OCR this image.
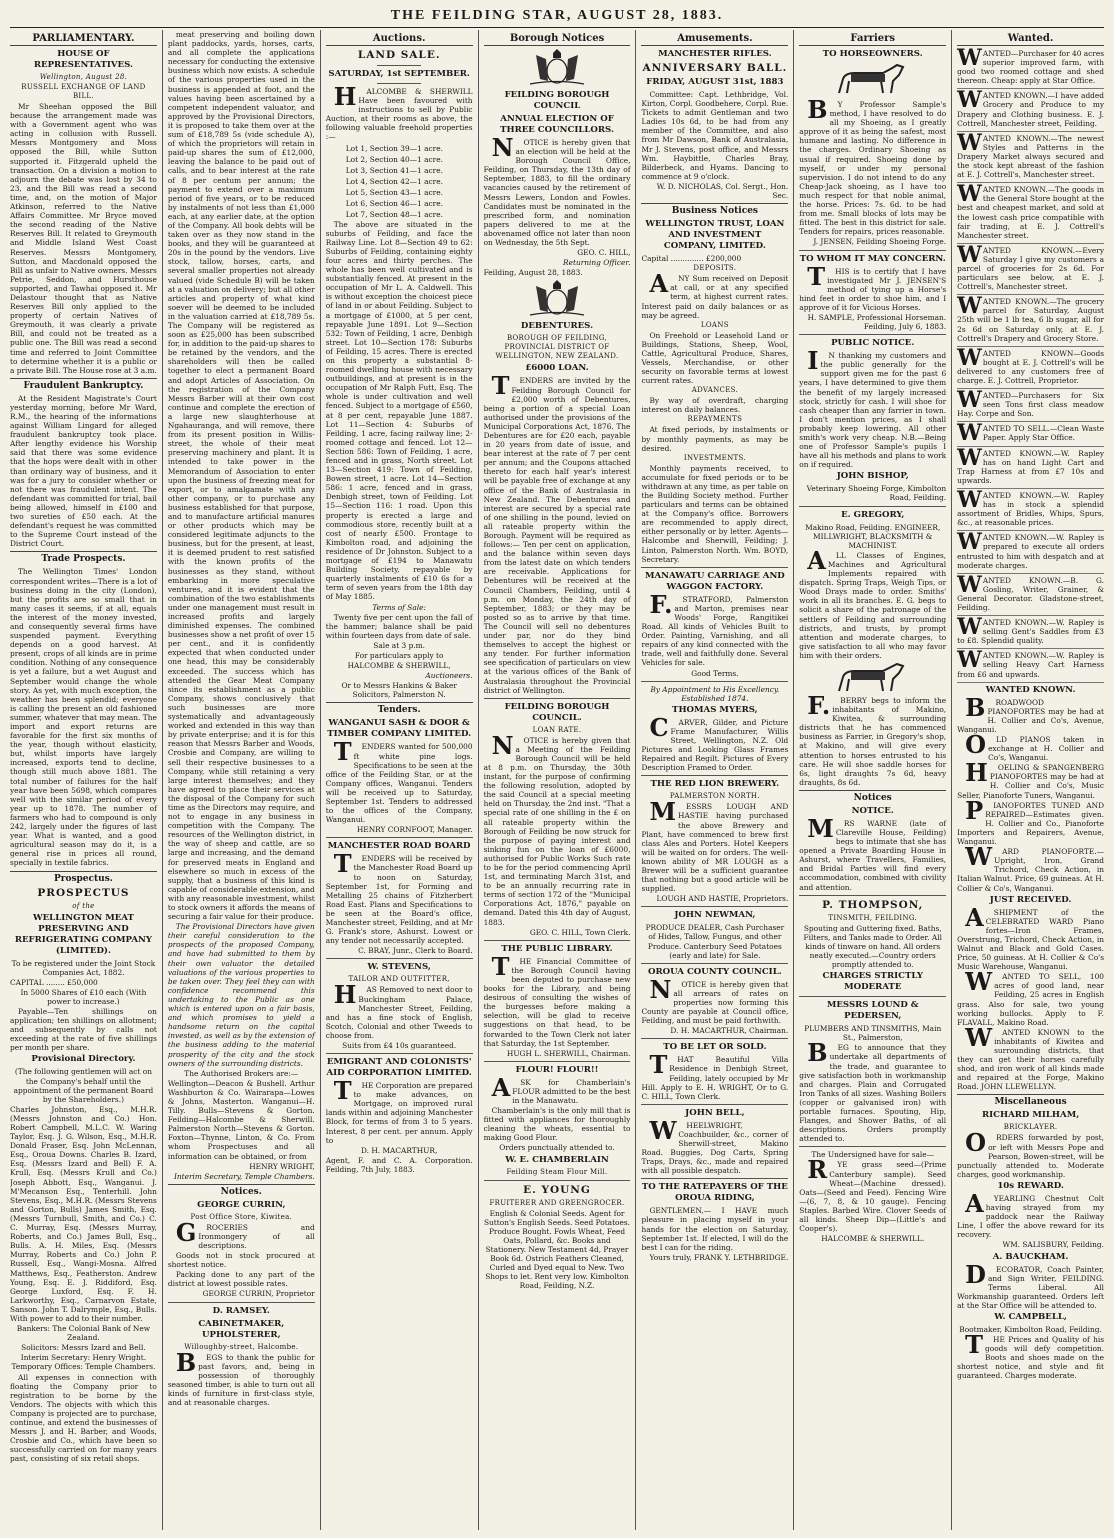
THE FEILDING STAR, AUGUST 28, 1883.
PARLIAMENTARY.
HOUSE OF REPRESENTATIVES.
Wellington, August 28.
RUSSELL EXCHANGE OF LAND BILL.

Mr Sheehan opposed the Bill because the arrangement made was with a Government agent who was acting in collusion with Russell. Messrs Montgomery and Moss opposed the Bill, while Sutton supported it. Fitzgerald upheld the transaction. On a division a motion to adjourn the debate was lost by 34 to 23, and the Bill was read a second time, and, on the motion of Major Atkinson, referred to the Native Affairs Committee. Mr Bryce moved the second reading of the Native Reserves Bill. It related to Greymouth and Middle Island West Coast Reserves. Messrs Montgomery, Sutton, and Macdonald opposed the Bill as unfair to Native owners. Messrs Petrie, Seddon, and Hursthouse supported, and Tawhai opposed it. Mr Delastour thought that as Native Reserves Bill only applied to the property of certain Natives of Greymouth, it was clearly a private Bill, and could not be treated as a public one. The Bill was read a second time and referred to Joint Committee to determine whether it is a public or a private Bill. The House rose at 3 a.m.

Fraudulent Bankruptcy.

At the Resident Magistrate's Court yesterday morning, before Mr Ward, R.M., the hearing of the informations against William Lingard for alleged fraudulent bankruptcy took place. After lengthy evidence his Worship said that there was some evidence that the hops were dealt with in other than ordinary way of business, and it was for a jury to consider whether or not there was fraudulent intent. The defendant was committed for trial, bail being allowed, himself in £100 and two sureties of £50 each. At the defendant's request he was committed to the Supreme Court instead of the District Court.

Trade Prospects.

The Wellington Times' London correspondent writes—There is a lot of business doing in the city (London), but the profits are so small that in many cases it seems, if at all, equals the interest of the money invested, and consequently several firms have suspended payment. Everything depends on a good harvest. At present, crops of all kinds are in prime condition. Nothing of any consequence is yet a failure, but a wet August and September would change the whole story. As yet, with much exception, the weather has been splendid; everyone is calling the present an old fashioned summer, whatever that may mean. The import and export returns are favorable for the first six months of the year, though without elasticity, but, whilst imports have largely increased, exports tend to decline, though still much above 1881. The total number of failures for the half year have been 5698, which compares well with the similar period of every year up to 1878. The number of farmers who had to compound is only 242, largely under the figures of last year. What is wanted, and a good agricultural season may do it, is a general rise in prices all round, specially in textile fabrics.

Prospectus.
PROSPECTUS
of the
WELLINGTON MEAT PRESERVING AND REFRIGERATING COMPANY (LIMITED).

To be registered under the Joint Stock Companies Act, 1882.

CAPITAL ........ £50,000

In 5000 Shares of £10 each (With power to increase.)

Payable—Ten shillings on application; ten shillings on allotment; and subsequently by calls not exceeding at the rate of five shillings per month per share.

Provisional Directory.

(The following gentlemen will act on the Company's behalf until the appointment of the permanent Board by the Shareholders.)

Charles Johnston, Esq., M.H.R. (Messrs Johnston and Co.) Hon. Robert Campbell, M.L.C. W. Waring Taylor, Esq. J. G. Wilson, Esq., M.H.R. Donald Fraser, Esq. John McLennan, Esq., Oroua Downs. Charles B. Izard, Esq. (Messrs Izard and Bell) F. A. Krull, Esq. (Messrs Krull and Co.) Joseph Abbott, Esq., Wanganui. J. M'Mecanson Esq., Tenterhill. John Stevens, Esq., M.H.R. (Messrs Stevens and Gorton, Bulls) James Smith, Esq. (Messrs Turnbull, Smith, and Co.) C. C. Murray, Esq. (Messrs Murray, Roberts, and Co.) James Bull, Esq., Bulls. A. H. Miles, Esq. (Messrs Murray, Roberts and Co.) John P. Russell, Esq., Wangi-Mosna. Alfred Matthews, Esq., Featherston. Andrew Young, Esq. E. J. Riddiford, Esq. George Luxford, Esq. F. H. Larkworthy, Esq., Carnarvon Estate, Sanson. John T. Dalrymple, Esq., Bulls. With power to add to their number.

Bankers: The Colonial Bank of New Zealand.

Solicitors: Messrs Izard and Bell.

Interim Secretary: Henry Wright. Temporary Offices: Temple Chambers.

All expenses in connection with floating the Company prior to registration to be borne by the Vendors. The objects with which this Company is projected are to purchase, continue, and extend the businesses of Messrs J. and H. Barber, and Woods, Crosbie and Co., which have been so successfully carried on for many years past, consisting of six retail shops.

meat preserving and boiling down plant paddocks, yards, horses, carts, and all complete the applications necessary for conducting the extensive business which now exists. A schedule of the various properties used in the business is appended at foot, and the values having been ascertained by a competent independent valuator, and approved by the Provisional Directors, it is proposed to take them over at the sum of £18,789 5s (vide schedule A), of which the proprietors will retain in paid-up shares the sum of £12,000, leaving the balance to be paid out of calls, and to bear interest at the rate of 8 per centum per annum; the payment to extend over a maximum period of five years, or to be reduced by instalments of not less than £1,000 each, at any earlier date, at the option of the Company. All book debts will be taken over as they now stand in the books, and they will be guaranteed at 20s in the pound by the vendors. Live stock, tallow, horses, carts, and several smaller properties not already valued (vide Schedule B) will be taken at a valuation on delivery; but all other articles and property of what kind soever will be deemed to be included in the valuation carried at £18,789 5s. The Company will be registered as soon as £25,000 has been subscribed for, in addition to the paid-up shares to be retained by the vendors, and the shareholders will then be called together to elect a permanent Board and adopt Articles of Association. On the registration of the Company Messrs Barber will at their own cost continue and complete the erection of a large new slaughterhouse at Ngahauranga, and will remove, there from its present position in Willis-street, the whole of their meat preserving machinery and plant. It is intended to take power in the Memorandum of Association to enter upon the business of freezing meat for export, or to amalgamate with any other company, or to purchase any business established for that purpose, and to manufacture artificial manures or other products which may be considered legitimate adjuncts to the business, but for the present, at least, it is deemed prudent to rest satisfied with the known profits of the businesses as they stand, without embarking in more speculative ventures, and it is evident that the combination of the two establishments under one management must result in increased profits and largely diminished expenses. The combined businesses show a net profit of over 15 per cent., and it is confidently expected that when conducted under one head, this may be considerably exceeded. The success which has attended the Gear Meat Company since its establishment as a public Company, shows conclusively that such businesses are more systematically and advantageously worked and extended in this way than by private enterprise; and it is for this reason that Messrs Barber and Woods, Crosbie and Company, are willing to sell their respective businesses to a Company, while still retaining a very large interest themselves; and they have agreed to place their services at the disposal of the Company for such time as the Directors may require, and not to engage in any business in competition with the Company. The resources of the Wellington district, in the way of sheep and cattle, are so large and increasing, and the demand for preserved meats in England and elsewhere so much in excess of the supply, that a business of this kind is capable of considerable extension, and with any reasonable investment, whilst to stock owners it affords the means of securing a fair value for their produce.

The Provisional Directors have given their careful consideration to the prospects of the proposed Company, and have had submitted to them by their own valuator the detailed valuations of the various properties to be taken over. They feel they can with confidence recommend this undertaking to the Public as one which is entered upon on a fair basis, and which promises to yield a handsome return on the capital invested, as well as by the extension of the business adding to the material prosperity of the city and the stock owners of the surrounding districts.

The Authorised Brokers are:—

Wellington—Deacon & Bushell. Arthur Washburton & Co. Wairarapa—Lowes & Johns, Masterton. Wanganui—H. Tilly. Bulls—Stevens & Gorton. Feilding—Halcombe & Sherwill. Palmerston North—Stevens & Gorton. Foxton—Thynne, Linton, & Co. From whom Prospectuses and all information can be obtained, or from

HENRY WRIGHT,

Interim Secretary, Temple Chambers.

Notices.
GEORGE CURRIN,
Post Office Store, Kiwitea.

GROCERIES and Ironmongery of all descriptions.

Goods not in stock procured at shortest notice.

Packing done to any part of the district at lowest possible rates.

GEORGE CURRIN, Proprietor

D. RAMSEY.
CABINETMAKER, UPHOLSTERER,
Willoughby-street, Halcombe.

BEGS to thank the public for past favors, and, being in possession of thoroughly seasoned timber, is able to turn out all kinds of furniture in first-class style, and at reasonable charges.

Auctions.
LAND SALE.
SATURDAY, 1st SEPTEMBER.

HALCOMBE & SHERWILL Have been favoured with instructions to sell by Public Auction, at their rooms as above, the following valuable freehold properties :—

Lot 1, Section 39—1 acre.
Lot 2, Section 40—1 acre.
Lot 3, Section 41—1 acre.
Lot 4, Section 42—1 acre.
Lot 5, Section 43—1 acre.
Lot 6, Section 46—1 acre.
Lot 7, Section 48—1 acre.

The above are situated in the suburbs of Feilding, and face the Railway Line. Lot 8—Section 49 to 62: Suburbs of Feilding, containing eighty four acres and thirty perches. The whole has been well cultivated and is substantially fenced. At present in the occupation of Mr L. A. Caldwell. This is without exception the choicest piece of land in or about Feilding. Subject to a mortgage of £1000, at 5 per cent, repayable June 1891. Lot 9—Section 532: Town of Feilding, 1 acre, Denbigh street. Lot 10—Section 178: Suburbs of Feilding, 15 acres. There is erected on this property a substantial 8-roomed dwelling house with necessary outbuildings, and at present is in the occupation of Mr Ralph Futt, Esq. The whole is under cultivation and well fenced. Subject to a mortgage of £560, at 8 per cent, repayable June 1887. Lot 11—Section 4: Suburbs of Feilding, 1 acre, facing railway line; 2-roomed cottage and fenced. Lot 12—Section 586: Town of Feilding, 1 acre, fenced and in grass, North street. Lot 13—Section 419: Town of Feilding, Bowen street, 1 acre. Lot 14—Section 586: 1 acre, fenced and in grass, Denbigh street, town of Feilding. Lot 15—Section 116: 1 road. Upon this property is erected a large and commodious store, recently built at a cost of nearly £500. Frontage to Kimbolton road, and adjoining the residence of Dr Johnston. Subject to a mortgage of £194 to Manawatu Building Society, repayable by quarterly instalments of £10 6s for a term of seven years from the 18th day of May 1885.

Terms of Sale:

Twenty five per cent upon the fall of the hammer; balance shall be paid within fourteen days from date of sale.

Sale at 3 p.m.

For particulars apply to

HALCOMBE & SHERWILL,

Auctioneers.

Or to Messrs Hankins & Baker Solicitors, Palmerston N.

Tenders.
WANGANUI SASH & DOOR & TIMBER COMPANY LIMITED.

TENDERS wanted for 500,000 ft white pine logs. Specifications to be seen at the office of the Feilding Star, or at the Company offices, Wanganui. Tenders will be received up to Saturday, September 1st. Tenders to addressed to the offices of the Company, Wanganui.

HENRY CORNFOOT, Manager.

MANCHESTER ROAD BOARD

TENDERS will be received by the Manchester Road Board up to noon on Saturday, September 1st, for Forming and Metalling 25 chains of Fitzherbert Road East. Plans and Specifications to be seen at the Board's office, Manchester street, Feilding, and at Mr G. Frank's store, Ashurst. Lowest or any tender not necessarily accepted.

C. BRAY, Junr., Clerk to Board.

W. STEVENS,
TAILOR AND OUTFITTER,

HAS Removed to next door to Buckingham Palace, Manchester Street, Feilding, and has a fine stock of English, Scotch, Colonial and other Tweeds to choose from.

Suits from £4 10s guaranteed.

EMIGRANT AND COLONISTS' AID CORPORATION LIMITED.

THE Corporation are prepared to make advances, on Mortgage, on improved rural lands within and adjoining Manchester Block, for terms of from 3 to 5 years. Interest, 8 per cent. per annum. Apply to

D. H. MACARTHUR,

Agent, F. and C. A. Corporation. Feilding, 7th July, 1883.

Borough Notices
FEILDING BOROUGH COUNCIL
ANNUAL ELECTION OF THREE COUNCILLORS.

NOTICE is hereby given that an election will be held at the Borough Council Office, Feilding, on Thursday, the 13th day of September, 1883, to fill the ordinary vacancies caused by the retirement of Messrs Lewers, London and Fowles. Candidates must be nominated in the prescribed form, and nomination papers delivered to me at the abovenamed office not later than noon on Wednesday, the 5th Sept.

GEO. C. HILL,

Returning Officer.

Feilding, August 28, 1883.

DEBENTURES.
BOROUGH OF FEILDING, PROVINCIAL DISTRICT OF WELLINGTON, NEW ZEALAND.
£6000 LOAN.

TENDERS are invited by the Feilding Borough Council for £2,000 worth of Debentures, being a portion of a special Loan authorised under the provisions of the Municipal Corporations Act, 1876. The Debentures are for £20 each, payable in 20 years from date of issue, and bear interest at the rate of 7 per cent per annum; and the Coupons attached thereto for each half year's interest will be payable free of exchange at any office of the Bank of Australasia in New Zealand. The Debentures and interest are secured by a special rate of one shilling in the pound, levied on all rateable property within the Borough. Payment will be required as follows:— Ten per cent on application, and the balance within seven days from the latest date on which tenders are receivable. Applications for Debentures will be received at the Council Chambers, Feilding, until 4 p.m. on Monday, the 24th day of September, 1883; or they may be posted so as to arrive by that time. The Council will sell no debentures under par, nor do they bind themselves to accept the highest or any tender. For further information see specification of particulars on view at the various offices of the Bank of Australasia throughout the Provincial district of Wellington.

FEILDING BOROUGH COUNCIL.
LOAN RATE.

NOTICE is hereby given that a Meeting of the Feilding Borough Council will be held at 8 p.m. on Thursday, the 30th instant, for the purpose of confirming the following resolution, adopted by the said Council at a special meeting held on Thursday, the 2nd inst. "That a special rate of one shilling in the £ on all rateable property within the Borough of Feilding be now struck for the purpose of paying interest and sinking fun on the loan of £6000, authorised for Public Works Such rate to be for the period commencing April 1st, and terminating March 31st, and to be an annually recurring rate in terms of section 172 of the "Municipal Corporations Act, 1876," payable on demand. Dated this 4th day of August, 1883.

GEO. C. HILL, Town Clerk.

THE PUBLIC LIBRARY.

THE Financial Committee of the Borough Council having been deputed to purchase new books for the Library, and being desirous of consulting the wishes of the burgesses before making a selection, will be glad to receive suggestions on that head, to be forwarded to the Town Clerk not later that Saturday, the 1st September.

HUGH L. SHERWILL, Chairman.

FLOUR! FLOUR!!

ASK for Chamberlain's FLOUR admitted to be the best in the Manawatu.

Chamberlain's is the only mill that is fitted with appliances for thoroughly cleaning the wheats, essential to making Good Flour.

Orders punctually attended to.

W. E. CHAMBERLAIN
Feilding Steam Flour Mill.
E. YOUNG
FRUITERER AND GREENGROCER.

English & Colonial Seeds. Agent for Sutton's English Seeds. Seed Potatoes. Produce Bought. Fowls Wheat, Feed Oats, Pollard, &c. Books and Stationery. New Testament 4d, Prayer Book 6d. Ostrich Feathers Cleaned, Curled and Dyed equal to New. Two Shops to let. Rent very low. Kimbolton Road, Feilding, N.Z.

Amusements.
MANCHESTER RIFLES.
ANNIVERSARY BALL.
FRIDAY, AUGUST 31st, 1883

Committee: Capt. Lethbridge, Vol. Kirton, Corpl. Goodbehere, Corpl. Rue. Tickets to admit Gentleman and two Ladies 10s 6d, to be had from any member of the Committee, and also from Mr Dawson, Bank of Australasia, Mr J. Stevens, post office, and Messrs Wm. Haybittle, Charles Bray, Bilderbeck, and Hyams. Dancing to commence at 9 o'clock.

W. D. NICHOLAS, Col. Sergt., Hon. Sec.

Business Notices
WELLINGTON TRUST, LOAN AND INVESTMENT COMPANY, LIMITED.

Capital .............. £200,000

DEPOSITS.

ANY Sum received on Deposit at call, or at any specified term, at highest current rates. Interest paid on daily balances or as may be agreed.

LOANS

On Freehold or Leasehold Land or Buildings, Stations, Sheep, Wool, Cattle, Agricultural Produce, Shares, Vessels, Merchandise, or other security on favorable terms at lowest current rates.

ADVANCES.

By way of overdraft, charging interest on daily balances.

REPAYMENTS

At fixed periods, by instalments or by monthly payments, as may be desired.

INVESTMENTS.

Monthly payments received, to accumulate for fixed periods or to be withdrawn at any time, as per table on the Building Society method. Further particulars and terms can be obtained at the Company's office. Borrowers are recommended to apply direct, either personally or by letter. Agents—Halcombe and Sherwill, Feilding; J. Linton, Palmerston North. Wm. BOYD, Secretary.

MANAWATU CARRIAGE AND WAGGON FACTORY.

F.STRATFORD, Palmerston and Marton, premises near Woods' Forge, Rangitikei Road. All kinds of Vehicles Built to Order. Painting, Varnishing, and all repairs of any kind connected with the trade, well and faithfully done. Several Vehicles for sale.

Good Terms.

By Appointment to His Excellency. Established 1874.

THOMAS MYERS,

CARVER, Gilder, and Picture Frame Manufacturer, Willis Street, Wellington, N.Z. Old Pictures and Looking Glass Frames Repaired and Regilt. Pictures of Every Description Framed to Order.

THE RED LION BREWERY.
PALMERSTON NORTH.

MESSRS LOUGH AND HASTIE having purchased the above Brewery and Plant, have commenced to brew first class Ales and Porters. Hotel Keepers will be waited on for orders. The well-known ability of MR LOUGH as a Brewer will be a sufficient guarantee that nothing but a good article will be supplied.

LOUGH AND HASTIE, Proprietors.

JOHN NEWMAN,

PRODUCE DEALER, Cash Purchaser of Hides, Tallow, Fungus, and other Produce. Canterbury Seed Potatoes (early and late) for Sale.

OROUA COUNTY COUNCIL.

NOTICE is hereby given that all arrears of rates on properties now forming this County are payable at Council office, Feilding, and must be paid forthwith.

D. H. MACARTHUR, Chairman.

TO BE LET OR SOLD.

THAT Beautiful Villa Residence in Denbigh Street, Feilding, lately occupied by Mr Hill. Apply to E. H. WRIGHT, Or to G. C. HILL, Town Clerk.

JOHN BELL,

WHEELWRIGHT, Coachbuilder, &c., corner of Sherwill-street, Makino Road. Buggies, Dog Carts, Spring Traps, Drays, &c., made and repaired with all possible despatch.

TO THE RATEPAYERS OF THE OROUA RIDING,

GENTLEMEN,— I HAVE much pleasure in placing myself in your hands for the election on Saturday, September 1st. If elected, I will do the best I can for the riding.

Yours truly, FRANK Y. LETHBRIDGE.

Farriers
TO HORSEOWNERS.

BY Professor Sample's method, I have resolved to do all my Shoeing, as I greatly approve of it as being the safest, most humane and lasting. No difference in the charges. Ordinary Shoeing as usual if required. Shoeing done by myself, or under my personal supervision. I do not intend to do any Cheap-Jack shoeing, as I have too much respect for that noble animal, the horse. Prices: 7s. 6d. to be had from me. Small blocks of lots may be fitted. The best in this district for sale. Tenders for repairs, prices reasonable.

J. JENSEN, Feilding Shoeing Forge.

TO WHOM IT MAY CONCERN.

THIS is to certify that I have investigated Mr J. JENSEN'S method of tying up a Horse's hind feet in order to shoe him, and I approve of it for Vicious Horses.

H. SAMPLE, Professional Horseman. Feilding, July 6, 1883.

PUBLIC NOTICE.

IN thanking my customers and the public generally for the support given me for the past 6 years, I have determined to give them the benefit of my largely increased stock, strictly for cash. I will shoe for cash cheaper than any farrier in town. I don't mention prices, as I shall probably keep lowering. All other smith's work very cheap. N.B.—Being one of Professor Sample's pupils I have all his methods and plans to work on if required.

JOHN BISHOP,

Veterinary Shoeing Forge, Kimbolton Road, Feilding.

E. GREGORY,

Makino Road, Feilding. ENGINEER, MILLWRIGHT, BLACKSMITH & MACHINIST.

ALL Classes of Engines, Machines and Agricultural Implements repaired with dispatch. Spring Traps, Weigh Tips, or Wood Drays made to order. Smiths' work in all its branches. E. G. begs to solicit a share of the patronage of the settlers of Feilding and surrounding districts, and trusts, by prompt attention and moderate charges, to give satisfaction to all who may favor him with their orders.

F.BERRY begs to inform the inhabitants of Makino, Kiwitea, & surrounding districts that he has commenced business as Farrier, in Gregory's shop, at Makino, and will give every attention to horses entrusted to his care. He will shoe saddle horses for 6s, light draughts 7s 6d, heavy draughts, 8s 6d.

Notices
NOTICE.

MRS WARNE (late of Clareville House, Feilding) begs to intimate that she has opened a Private Boarding House in Ashurst, where Travellers, Families, and Bridal Parties will find every accommodation, combined with civility and attention.

P. THOMPSON,
TINSMITH, FEILDING.

Spouting and Guttering fixed. Baths, Filters, and Tanks made to Order. All kinds of tinware on hand. All orders neatly executed.—Country orders promptly attended to.

CHARGES STRICTLY MODERATE
MESSRS LOUND & PEDERSEN,

PLUMBERS AND TINSMITHS, Main St., Palmerston,

BEG to announce that they undertake all departments of the trade, and guarantee to give satisfaction both in workmanship and charges. Plain and Corrugated Iron Tanks of all sizes. Washing Boilers (copper or galvanised iron) with portable furnaces. Spouting, Hip, Flanges, and Shower Baths, of all descriptions. Orders promptly attended to.

The Undersigned have for sale—

RYE grass seed—(Prime Canterbury sample). Seed Wheat—(Machine dressed). Oats—(Seed and Feed). Fencing Wire—(6, 7, 8, & 10 gauge). Fencing Staples. Barbed Wire. Clover Seeds of all kinds. Sheep Dip—(Little's and Cooper's).

HALCOMBE & SHERWILL.

Wanted.

WANTED—Purchaser for 40 acres superior improved farm, with good two roomed cottage and shed thereon. Cheap: apply at Star Office.

WANTED KNOWN.—I have added Grocery and Produce to my Drapery and Clothing business. E. J. Cottrell, Manchester street, Feilding.

WANTED KNOWN.—The newest Styles and Patterns in the Drapery Market always secured and the stock kept abreast of the fashion at E. J. Cottrell's, Manchester street.

WANTED KNOWN.—The goods in the General Store bought at the best and cheapest market, and sold at the lowest cash price compatible with fair trading, at E. J. Cottrell's Manchester street.

WANTED KNOWN.—Every Saturday I give my customers a parcel of groceries for 2s 6d. For particulars see below, at E. J. Cottrell's, Manchester street.

WANTED KNOWN.—The grocery parcel for Saturday, August 25th will be 1 lb tea, 6 lb sugar, all for 2s 6d on Saturday only, at E. J. Cottrell's Drapery and Grocery Store.

WANTED KNOWN—Goods bought at E. J. Cottrell's will be delivered to any customers free of charge. E. J. Cottrell, Proprietor.

WANTED—Purchasers for Six seen Tons first class meadow Hay. Corpe and Son.

WANTED TO SELL.—Clean Waste Paper. Apply Star Office.

WANTED KNOWN.—W. Rapley has on hand Light Cart and Trap Harness at from £7 10s and upwards.

WANTED KNOWN.—W. Rapley has in stock a splendid assortment of Bridles, Whips, Spurs, &c., at reasonable prices.

WANTED KNOWN.—W. Rapley is prepared to execute all orders entrusted to him with despatch and at moderate charges.

WANTED KNOWN.—B. G. Gosling, Writer, Grainer, & General Decorator. Gladstone-street, Feilding.

WANTED KNOWN.—W. Rapley is selling Gent's Saddles from £3 to £8. Splendid quality.

WANTED KNOWN.—W. Rapley is selling Heavy Cart Harness from £6 and upwards.

WANTED KNOWN.

BROADWOOD PIANOFORTES may be had at H. Collier and Co's, Avenue, Wanganui.

OLD PIANOS taken in exchange at H. Collier and Co's, Wanganui.

HOELING & SPANGENBERG PIANOFORTES may be had at H. Collier and Co's, Music Seller, Pianoforte Tuners, Wanganui.

PIANOFORTES TUNED AND REPAIRED—Estimates given. H. Collier and Co., Pianoforte Importers and Repairers, Avenue, Wanganui.

WARD PIANOFORTE.—Upright, Iron, Grand Trichord, Check Action, in Italian Walnut. Price, 69 guineas. At H. Collier & Co's, Wanganui.

JUST RECEIVED.

ASHIPMENT of the CELEBRATED WARD Piano fortes—Iron Frames, Overstrung, Trichord, Check Action, in Walnut and Black and Gold Cases. Price, 50 guineas. At H. Collier & Co's Music Warehouse, Wanganui.

WANTED TO SELL, 100 acres of good land, near Feilding, 25 acres in English grass. Also for sale, two young working bullocks. Apply to F. FLAVALL, Makino Road.

WANTED KNOWN to the inhabitants of Kiwitea and surrounding districts, that they can get their horses carefully shod, and iron work of all kinds made and repaired at the Forge, Makino Road. JOHN LLEWELLYN.

Miscellaneous
RICHARD MILHAM,
BRICKLAYER.

ORDERS forwarded by post, or left with Messrs Pope and Pearson, Bowen-street, will be punctually attended to. Moderate charges, good workmanship.

10s REWARD.

AYEARLING Chestnut Colt having strayed from my paddock near the Railway Line, I offer the above reward for its recovery.

WM. SALISBURY, Feilding.

A. BAUCKHAM.

DECORATOR, Coach Painter, and Sign Writer, FEILDING. Terms Liberal. All Workmanship guaranteed. Orders left at the Star Office will be attended to.

W. CAMPBELL,

Bootmaker, Kimbolton Road, Feilding.

THE Prices and Quality of his goods will defy competition. Boots and shoes made on the shortest notice, and style and fit guaranteed. Charges moderate.
